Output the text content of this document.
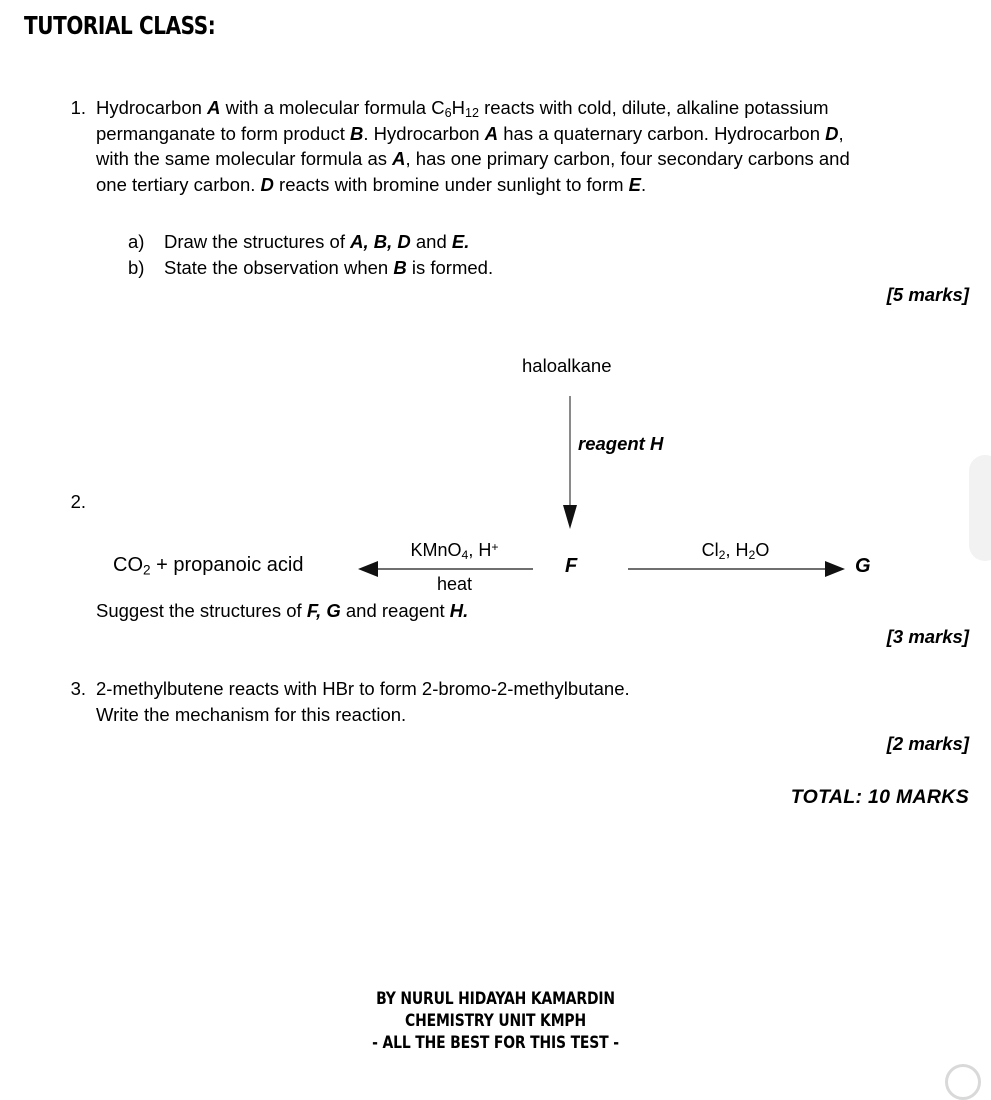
TUTORIAL CLASS:
1. Hydrocarbon A with a molecular formula $C_6H_{12}$ reacts with cold, dilute, alkaline potassium
permanganate to form product B. Hydrocarbon A has a quaternary carbon. Hydrocarbon D,
with the same molecular formula as A, has one primary carbon, four secondary carbons and
one tertiary carbon. D reacts with bromine under sunlight to form E.
a)	Draw the structures of A, B, D and E.
b)	State the observation when B is formed.
[5 marks]
2.
haloalkane
reagent H
$CO_2$ + propanoic acid
KMnO$_4$, H+
heat
F
$Cl_2$, $H_2O$
G
Suggest the structures of F, G and reagent H.
[3 marks]
3. 2-methylbutene reacts with HBr to form 2-bromo-2-methylbutane.
Write the mechanism for this reaction.
[2 marks]
TOTAL: 10 MARKS
BY NURUL HIDAYAH KAMARDIN
CHEMISTRY UNIT KMPH
- ALL THE BEST FOR THIS TEST -
